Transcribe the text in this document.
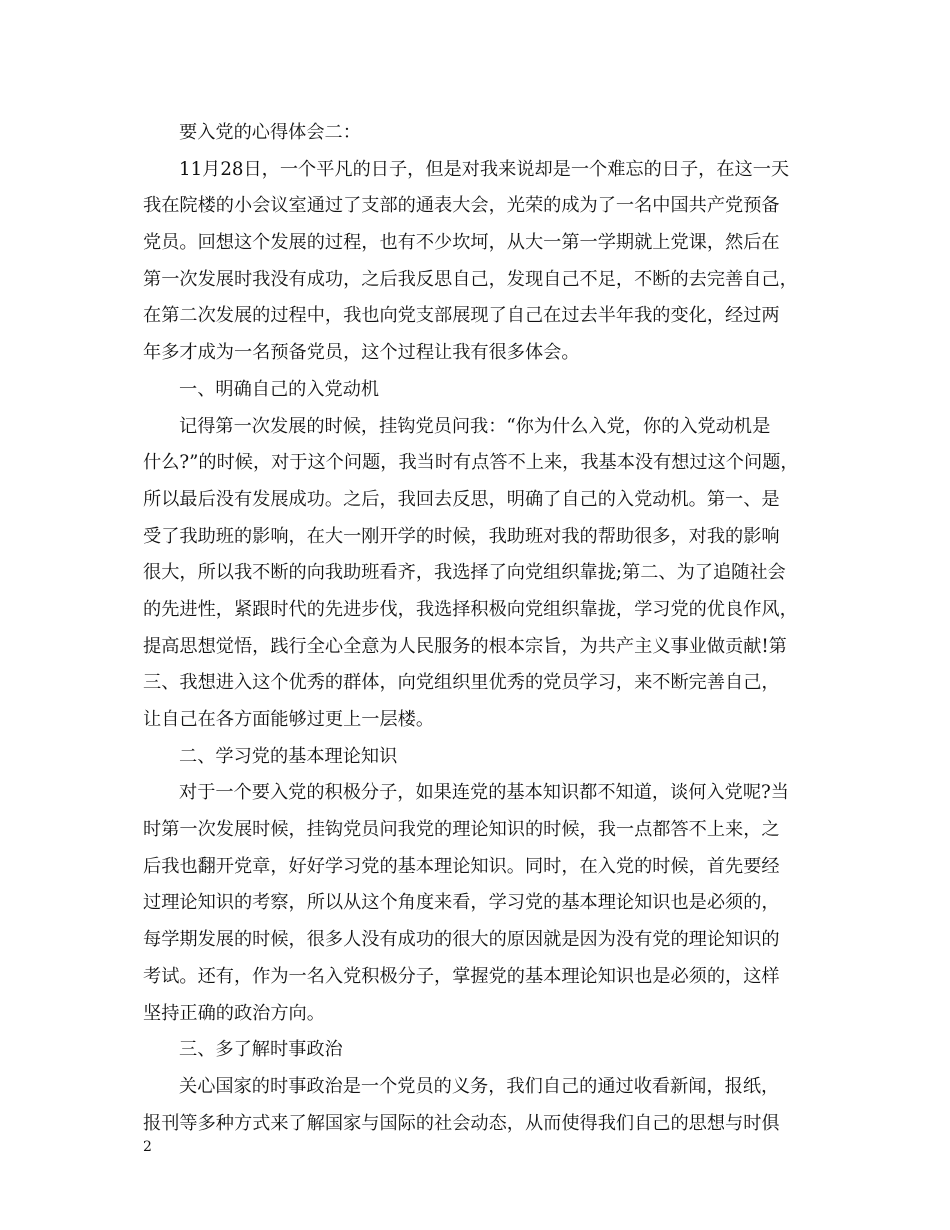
要入党的心得体会二：
11月28日，一个平凡的日子，但是对我来说却是一个难忘的日子，在这一天
我在院楼的小会议室通过了支部的通表大会，光荣的成为了一名中国共产党预备
党员。回想这个发展的过程，也有不少坎坷，从大一第一学期就上党课，然后在
第一次发展时我没有成功，之后我反思自己，发现自己不足，不断的去完善自己，
在第二次发展的过程中，我也向党支部展现了自己在过去半年我的变化，经过两
年多才成为一名预备党员，这个过程让我有很多体会。
一、明确自己的入党动机
记得第一次发展的时候，挂钩党员问我：“你为什么入党，你的入党动机是
什么?”的时候，对于这个问题，我当时有点答不上来，我基本没有想过这个问题，
所以最后没有发展成功。之后，我回去反思，明确了自己的入党动机。第一、是
受了我助班的影响，在大一刚开学的时候，我助班对我的帮助很多，对我的影响
很大，所以我不断的向我助班看齐，我选择了向党组织靠拢;第二、为了追随社会
的先进性，紧跟时代的先进步伐，我选择积极向党组织靠拢，学习党的优良作风，
提高思想觉悟，践行全心全意为人民服务的根本宗旨，为共产主义事业做贡献!第
三、我想进入这个优秀的群体，向党组织里优秀的党员学习，来不断完善自己，
让自己在各方面能够过更上一层楼。
二、学习党的基本理论知识
对于一个要入党的积极分子，如果连党的基本知识都不知道，谈何入党呢?当
时第一次发展时候，挂钩党员问我党的理论知识的时候，我一点都答不上来，之
后我也翻开党章，好好学习党的基本理论知识。同时，在入党的时候，首先要经
过理论知识的考察，所以从这个角度来看，学习党的基本理论知识也是必须的，
每学期发展的时候，很多人没有成功的很大的原因就是因为没有党的理论知识的
考试。还有，作为一名入党积极分子，掌握党的基本理论知识也是必须的，这样
坚持正确的政治方向。
三、多了解时事政治
关心国家的时事政治是一个党员的义务，我们自己的通过收看新闻，报纸，
报刊等多种方式来了解国家与国际的社会动态，从而使得我们自己的思想与时俱
2
